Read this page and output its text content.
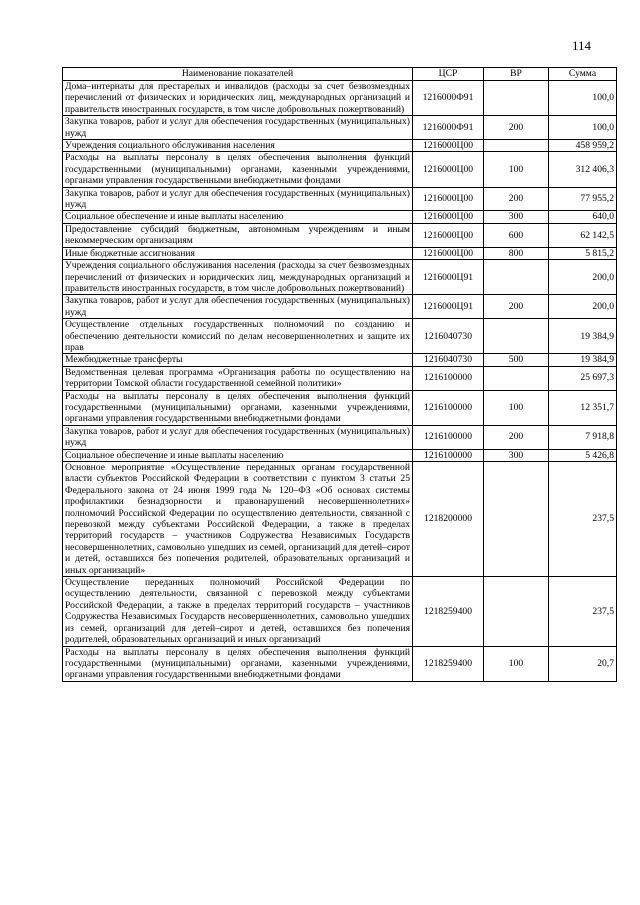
114
Наименование показателей	ЦСР	ВР	Сумма
Дома–интернаты для престарелых и инвалидов (расходы за счет безвозмездных перечислений от физических и юридических лиц, международных организаций и правительств иностранных государств, в том числе добровольных пожертвований)	1216000Ф91		100,0
Закупка товаров, работ и услуг для обеспечения государственных (муниципальных) нужд	1216000Ф91	200	100,0
Учреждения социального обслуживания населения	1216000Ц00		458 959,2
Расходы на выплаты персоналу в целях обеспечения выполнения функций государственными (муниципальными) органами, казенными учреждениями, органами управления государственными внебюджетными фондами	1216000Ц00	100	312 406,3
Закупка товаров, работ и услуг для обеспечения государственных (муниципальных) нужд	1216000Ц00	200	77 955,2
Социальное обеспечение и иные выплаты населению	1216000Ц00	300	640,0
Предоставление субсидий бюджетным, автономным учреждениям и иным некоммерческим организациям	1216000Ц00	600	62 142,5
Иные бюджетные ассигнования	1216000Ц00	800	5 815,2
Учреждения социального обслуживания населения (расходы за счет безвозмездных перечислений от физических и юридических лиц, международных организаций и правительств иностранных государств, в том числе добровольных пожертвований)	1216000Ц91		200,0
Закупка товаров, работ и услуг для обеспечения государственных (муниципальных) нужд	1216000Ц91	200	200,0
Осуществление отдельных государственных полномочий по созданию и обеспечению деятельности комиссий по делам несовершеннолетних и защите их прав	1216040730		19 384,9
Межбюджетные трансферты	1216040730	500	19 384,9
Ведомственная целевая программа «Организация работы по осуществлению на территории Томской области государственной семейной политики»	1216100000		25 697,3
Расходы на выплаты персоналу в целях обеспечения выполнения функций государственными (муниципальными) органами, казенными учреждениями, органами управления государственными внебюджетными фондами	1216100000	100	12 351,7
Закупка товаров, работ и услуг для обеспечения государственных (муниципальных) нужд	1216100000	200	7 918,8
Социальное обеспечение и иные выплаты населению	1216100000	300	5 426,8
Основное мероприятие «Осуществление переданных органам государственной власти субъектов Российской Федерации в соответствии с пунктом 3 статьи 25 Федерального закона от 24 июня 1999 года № 120–ФЗ «Об основах системы профилактики безнадзорности и правонарушений несовершеннолетних» полномочий Российской Федерации по осуществлению деятельности, связанной с перевозкой между субъектами Российской Федерации, а также в пределах территорий государств – участников Содружества Независимых Государств несовершеннолетних, самовольно ушедших из семей, организаций для детей–сирот и детей, оставшихся без попечения родителей, образовательных организаций и иных организаций»	1218200000		237,5
Осуществление переданных полномочий Российской Федерации по осуществлению деятельности, связанной с перевозкой между субъектами Российской Федерации, а также в пределах территорий государств – участников Содружества Независимых Государств несовершеннолетних, самовольно ушедших из семей, организаций для детей–сирот и детей, оставшихся без попечения родителей, образовательных организаций и иных организаций	1218259400		237,5
Расходы на выплаты персоналу в целях обеспечения выполнения функций государственными (муниципальными) органами, казенными учреждениями, органами управления государственными внебюджетными фондами	1218259400	100	20,7
